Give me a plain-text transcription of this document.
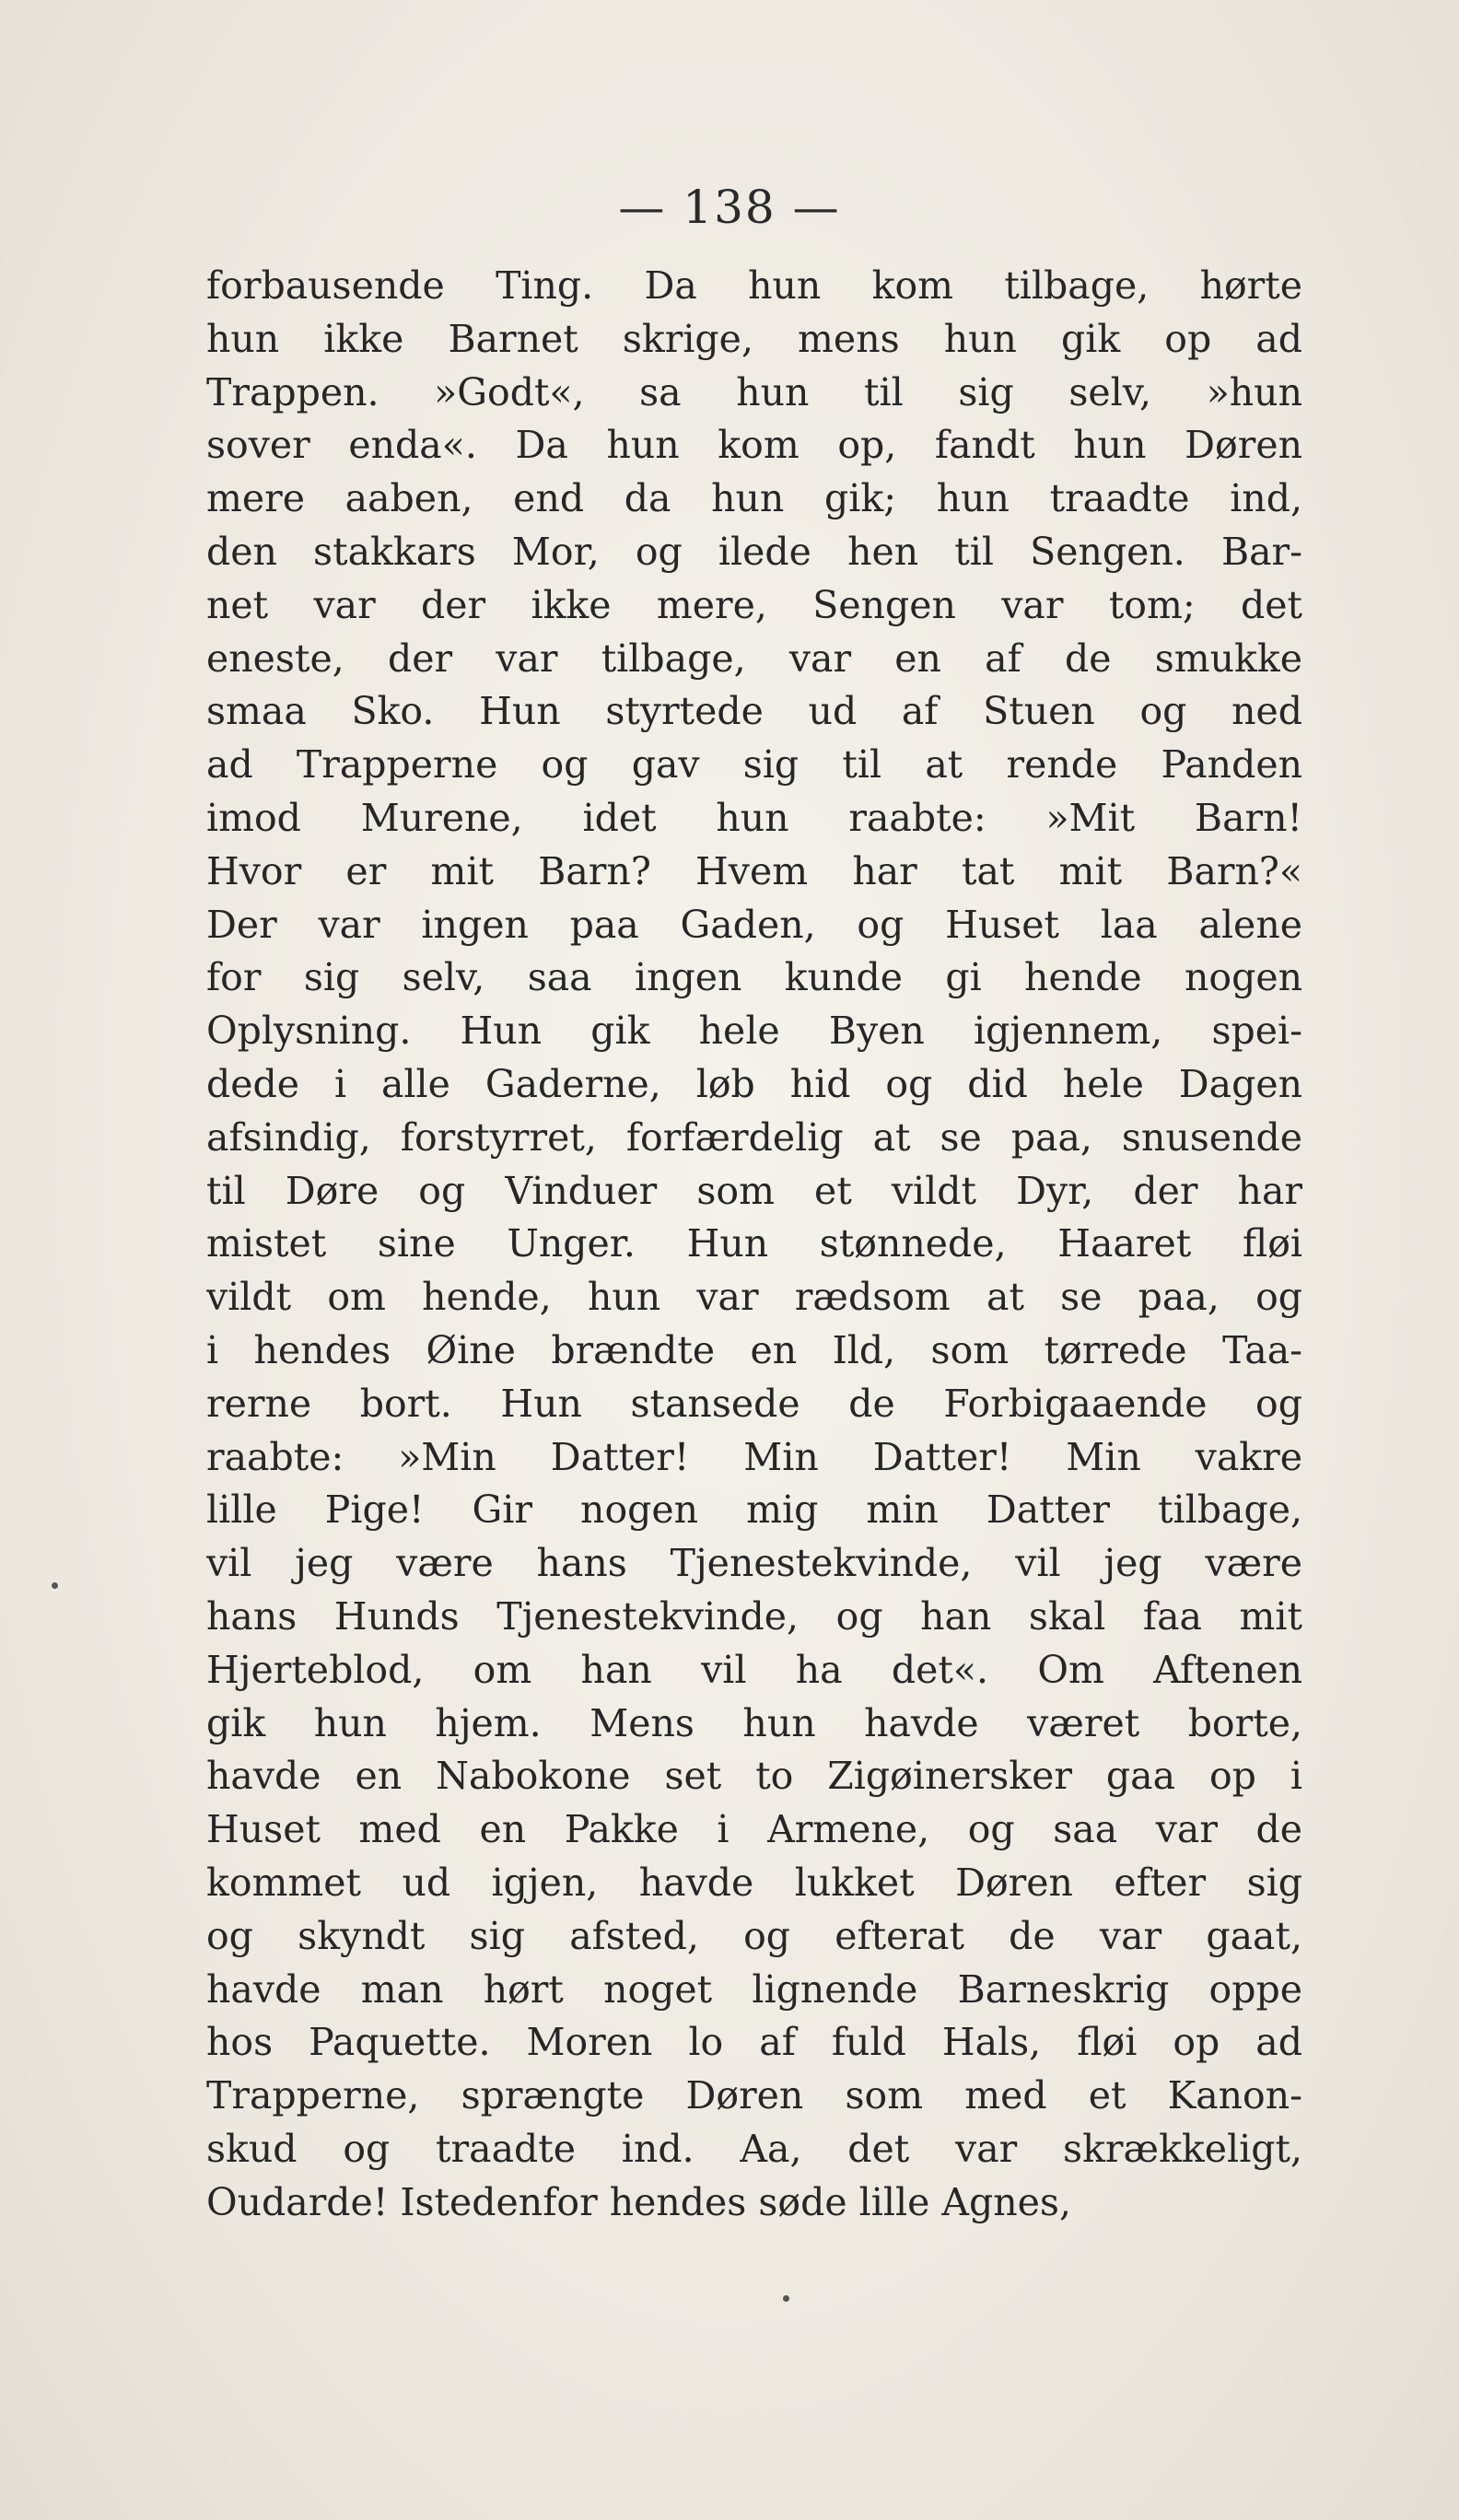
— 138 —
forbausende Ting. Da hun kom tilbage, hørte
hun ikke Barnet skrige, mens hun gik op ad
Trappen. »Godt«, sa hun til sig selv, »hun
sover enda«. Da hun kom op, fandt hun Døren
mere aaben, end da hun gik; hun traadte ind,
den stakkars Mor, og ilede hen til Sengen. Bar-
net var der ikke mere, Sengen var tom; det
eneste, der var tilbage, var en af de smukke
smaa Sko. Hun styrtede ud af Stuen og ned
ad Trapperne og gav sig til at rende Panden
imod Murene, idet hun raabte: »Mit Barn!
Hvor er mit Barn? Hvem har tat mit Barn?«
Der var ingen paa Gaden, og Huset laa alene
for sig selv, saa ingen kunde gi hende nogen
Oplysning. Hun gik hele Byen igjennem, spei-
dede i alle Gaderne, løb hid og did hele Dagen
afsindig, forstyrret, forfærdelig at se paa, snusende
til Døre og Vinduer som et vildt Dyr, der har
mistet sine Unger. Hun stønnede, Haaret fløi
vildt om hende, hun var rædsom at se paa, og
i hendes Øine brændte en Ild, som tørrede Taa-
rerne bort. Hun stansede de Forbigaaende og
raabte: »Min Datter! Min Datter! Min vakre
lille Pige! Gir nogen mig min Datter tilbage,
vil jeg være hans Tjenestekvinde, vil jeg være
hans Hunds Tjenestekvinde, og han skal faa mit
Hjerteblod, om han vil ha det«. Om Aftenen
gik hun hjem. Mens hun havde været borte,
havde en Nabokone set to Zigøinersker gaa op i
Huset med en Pakke i Armene, og saa var de
kommet ud igjen, havde lukket Døren efter sig
og skyndt sig afsted, og efterat de var gaat,
havde man hørt noget lignende Barneskrig oppe
hos Paquette. Moren lo af fuld Hals, fløi op ad
Trapperne, sprængte Døren som med et Kanon-
skud og traadte ind. Aa, det var skrækkeligt,
Oudarde! Istedenfor hendes søde lille Agnes,
